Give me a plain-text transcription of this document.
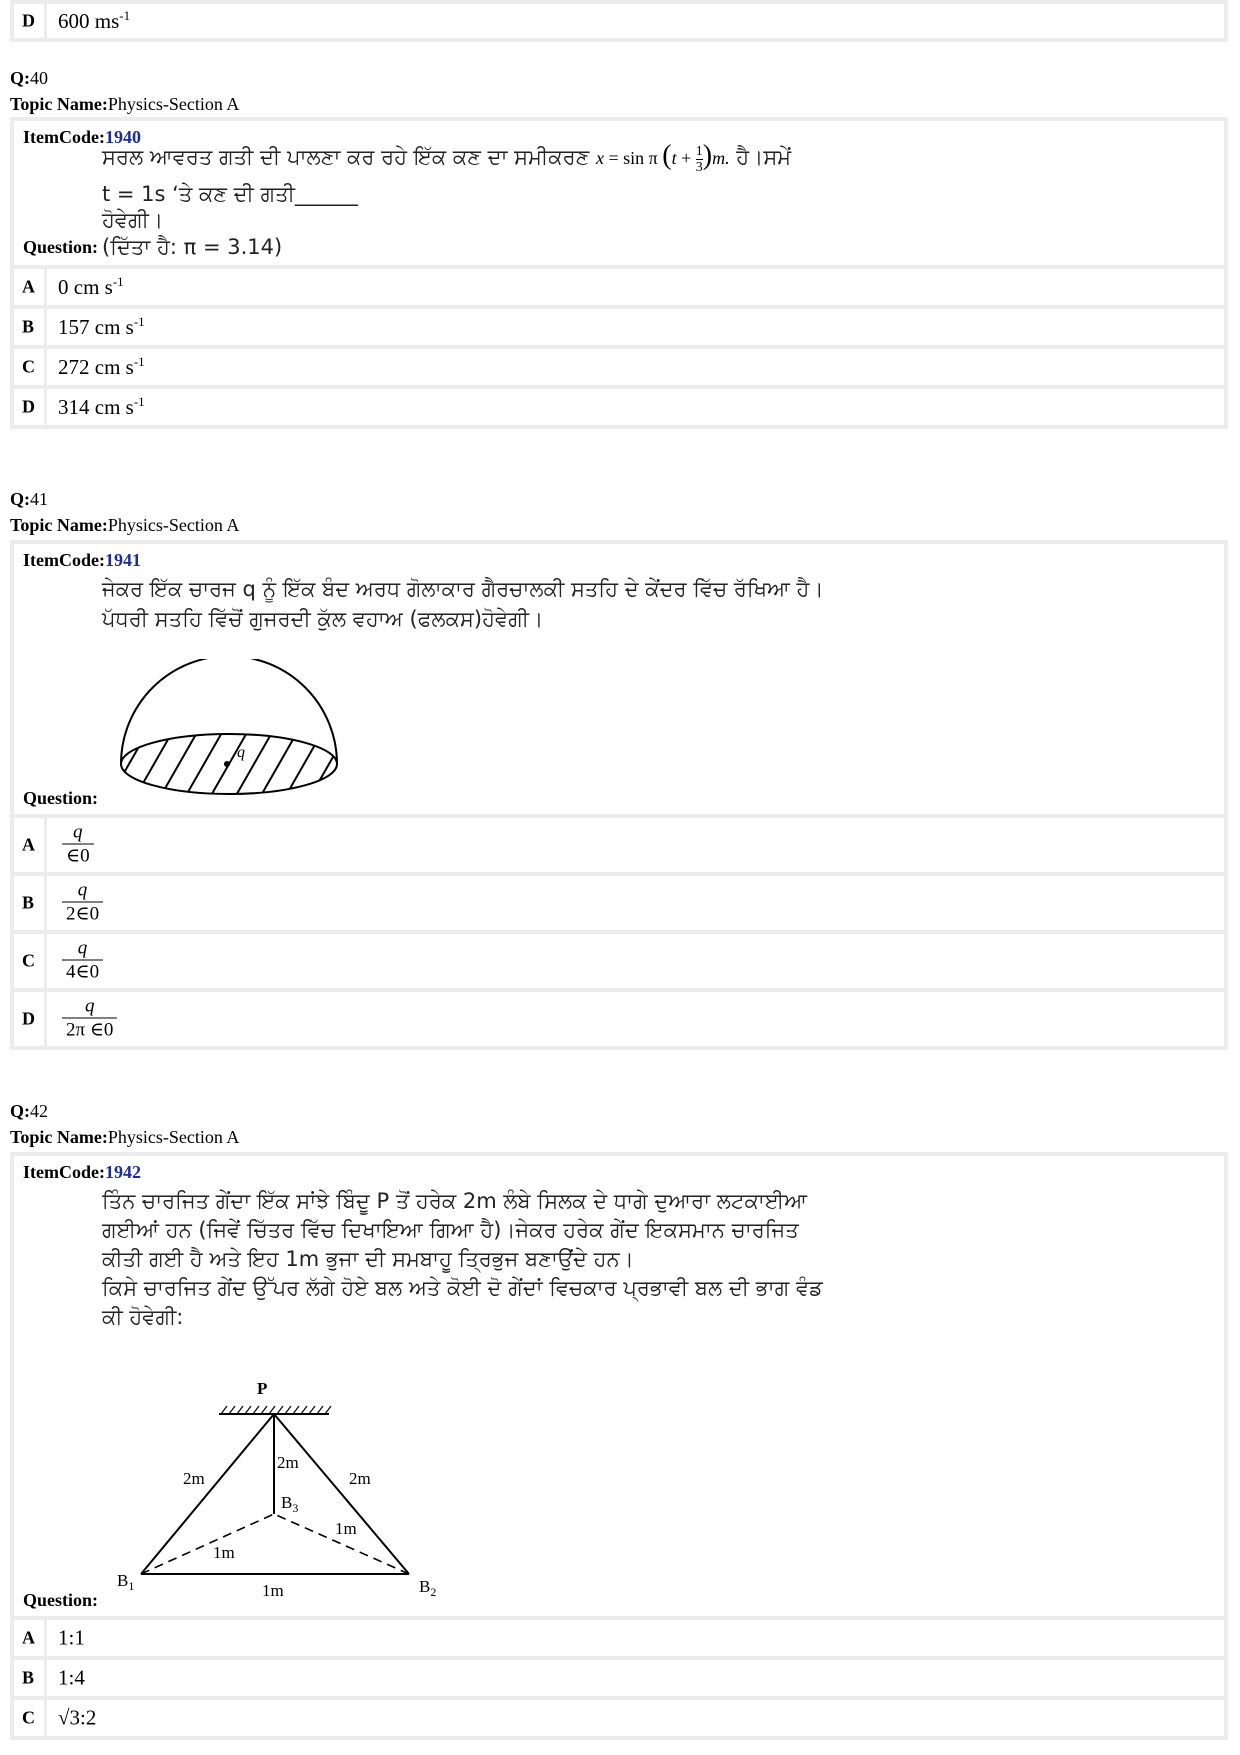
D 600 $ms^{-1}$
Q:40
Topic Name:Physics-Section A
ItemCode:1940
ਸਰਲ ਆਵਰਤ ਗਤੀ ਦੀ ਪਾਲਣਾ ਕਰ ਰਹੇ ਇੱਕ ਕਣ ਦਾ ਸਮੀਕਰਣ x = sin π $(t + \frac{1}{3} )m$. ਹੈ।ਸਮੇਂ
t = 1s ‘ਤੇ ਕਣ ਦੀ ਗਤੀ______
ਹੋਵੇਗੀ।
(ਦਿੱਤਾ ਹੈ: π = 3.14)
Question:
A 0 cm $s^{-1}$
B 157 cm $s^{-1}$
C 272 cm $s^{-1}$
D 314 cm $s^{-1}$
Q:41
Topic Name:Physics-Section A
ItemCode:1941
ਜੇਕਰ ਇੱਕ ਚਾਰਜ q ਨੂੰ ਇੱਕ ਬੰਦ ਅਰਧ ਗੋਲਾਕਾਰ ਗੈਰਚਾਲਕੀ ਸਤਹਿ ਦੇ ਕੇਂਦਰ ਵਿੱਚ ਰੱਖਿਆ ਹੈ।
ਪੱਧਰੀ ਸਤਹਿ ਵਿੱਚੋਂ ਗੁਜਰਦੀ ਕੁੱਲ ਵਹਾਅ (ਫਲਕਸ)ਹੋਵੇਗੀ।
q
Question:
A $\frac{q}{\in 0}$
B $\frac{q}{2\in 0}$
C $\frac{q}{4\in 0}$
D $\frac{q}{2\pi \in 0}$
Q:42
Topic Name:Physics-Section A
ItemCode:1942
ਤਿੰਨ ਚਾਰਜਿਤ ਗੇਂਦਾ ਇੱਕ ਸਾਂਝੇ ਬਿੰਦੂ P ਤੋਂ ਹਰੇਕ 2m ਲੰਬੇ ਸਿਲਕ ਦੇ ਧਾਗੇ ਦੁਆਰਾ ਲਟਕਾਈਆ
ਗਈਆਂ ਹਨ (ਜਿਵੇਂ ਚਿੱਤਰ ਵਿੱਚ ਦਿਖਾਇਆ ਗਿਆ ਹੈ)।ਜੇਕਰ ਹਰੇਕ ਗੇਂਦ ਇਕਸਮਾਨ ਚਾਰਜਿਤ
ਕੀਤੀ ਗਈ ਹੈ ਅਤੇ ਇਹ 1m ਭੁਜਾ ਦੀ ਸਮਬਾਹੂ ਤ੍ਰਿਭੁਜ ਬਣਾਉਂਦੇ ਹਨ।
ਕਿਸੇ ਚਾਰਜਿਤ ਗੇਂਦ ਉੱਪਰ ਲੱਗੇ ਹੋਏ ਬਲ ਅਤੇ ਕੋਈ ਦੋ ਗੇਂਦਾਂ ਵਿਚਕਾਰ ਪ੍ਰਭਾਵੀ ਬਲ ਦੀ ਭਾਗ ਵੰਡ
ਕੀ ਹੋਵੇਗੀ:
P
2m
2m
2m
$B_3$
1m
1m
1m
$B_1$	$B_2$
Question:
A 1:1
B 1:4
C √3:2
